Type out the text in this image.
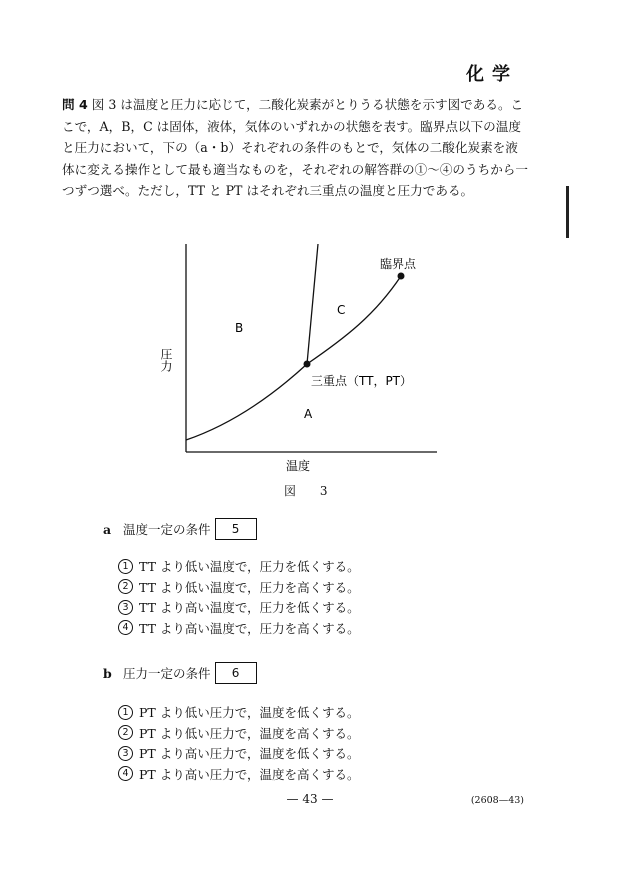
化学
問 4 図 3 は温度と圧力に応じて，二酸化炭素がとりうる状態を示す図である。ここで，A，B，C は固体，液体，気体のいずれかの状態を表す。臨界点以下の温度と圧力において，下の（a・b）それぞれの条件のもとで，気体の二酸化炭素を液体に変える操作として最も適当なものを，それぞれの解答群の①〜④のうちから一つずつ選べ。ただし，TT と PT はそれぞれ三重点の温度と圧力である。
B
C
A
臨界点
三重点（TT，PT）
温度
圧力
図 3
a 温度一定の条件	5
1 TT より低い温度で，圧力を低くする。
2 TT より低い温度で，圧力を高くする。
3 TT より高い温度で，圧力を低くする。
4 TT より高い温度で，圧力を高くする。
b 圧力一定の条件	6
1 PT より低い圧力で，温度を低くする。
2 PT より低い圧力で，温度を高くする。
3 PT より高い圧力で，温度を低くする。
4 PT より高い圧力で，温度を高くする。
— 43 —	(2608—43)
